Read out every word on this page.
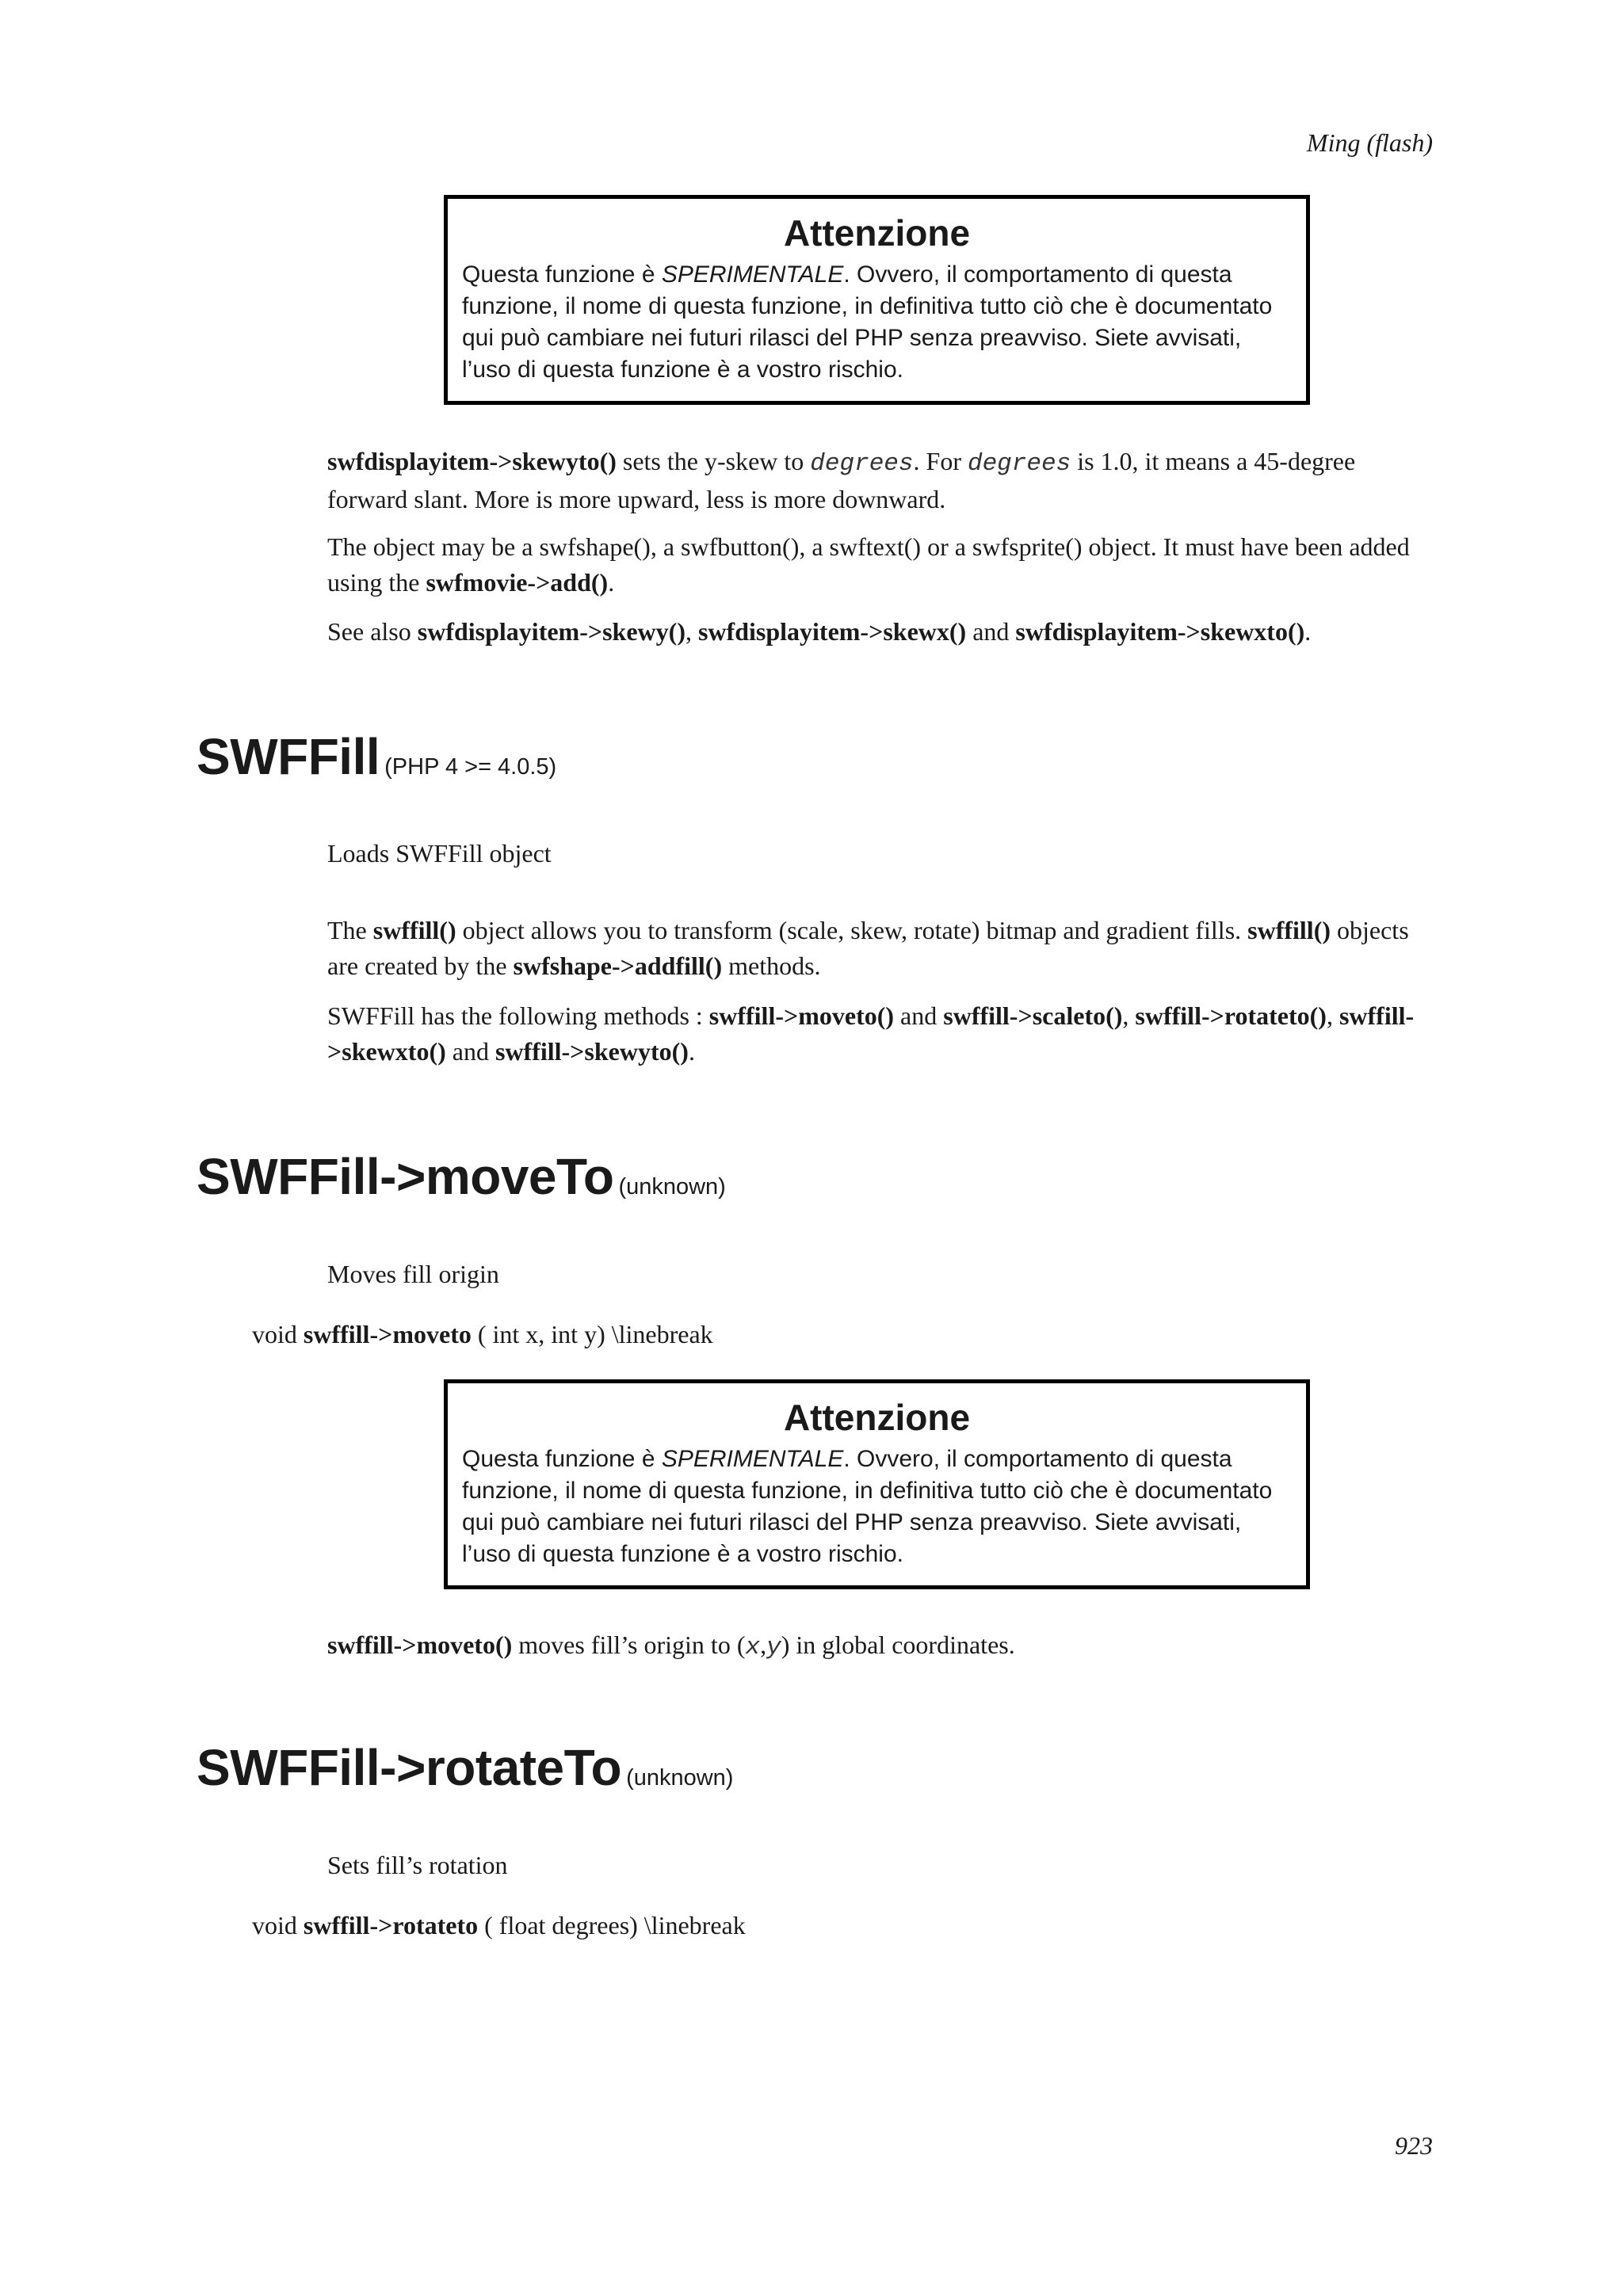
Ming (flash)
Attenzione
Questa funzione è SPERIMENTALE. Ovvero, il comportamento di questa funzione, il nome di questa funzione, in definitiva tutto ciò che è documentato qui può cambiare nei futuri rilasci del PHP senza preavviso. Siete avvisati, l’uso di questa funzione è a vostro rischio.
swfdisplayitem->skewyto() sets the y-skew to degrees. For degrees is 1.0, it means a 45-degree forward slant. More is more upward, less is more downward.
The object may be a swfshape(), a swfbutton(), a swftext() or a swfsprite() object. It must have been added using the swfmovie->add().
See also swfdisplayitem->skewy(), swfdisplayitem->skewx() and swfdisplayitem->skewxto().
SWFFill (PHP 4 >= 4.0.5)
Loads SWFFill object
The swffill() object allows you to transform (scale, skew, rotate) bitmap and gradient fills. swffill() objects are created by the swfshape->addfill() methods.
SWFFill has the following methods : swffill->moveto() and swffill->scaleto(), swffill->rotateto(), swffill->skewxto() and swffill->skewyto().
SWFFill->moveTo (unknown)
Moves fill origin
void swffill->moveto ( int x, int y) \linebreak
Attenzione
Questa funzione è SPERIMENTALE. Ovvero, il comportamento di questa funzione, il nome di questa funzione, in definitiva tutto ciò che è documentato qui può cambiare nei futuri rilasci del PHP senza preavviso. Siete avvisati, l’uso di questa funzione è a vostro rischio.
swffill->moveto() moves fill’s origin to (x,y) in global coordinates.
SWFFill->rotateTo (unknown)
Sets fill’s rotation
void swffill->rotateto ( float degrees) \linebreak
923
